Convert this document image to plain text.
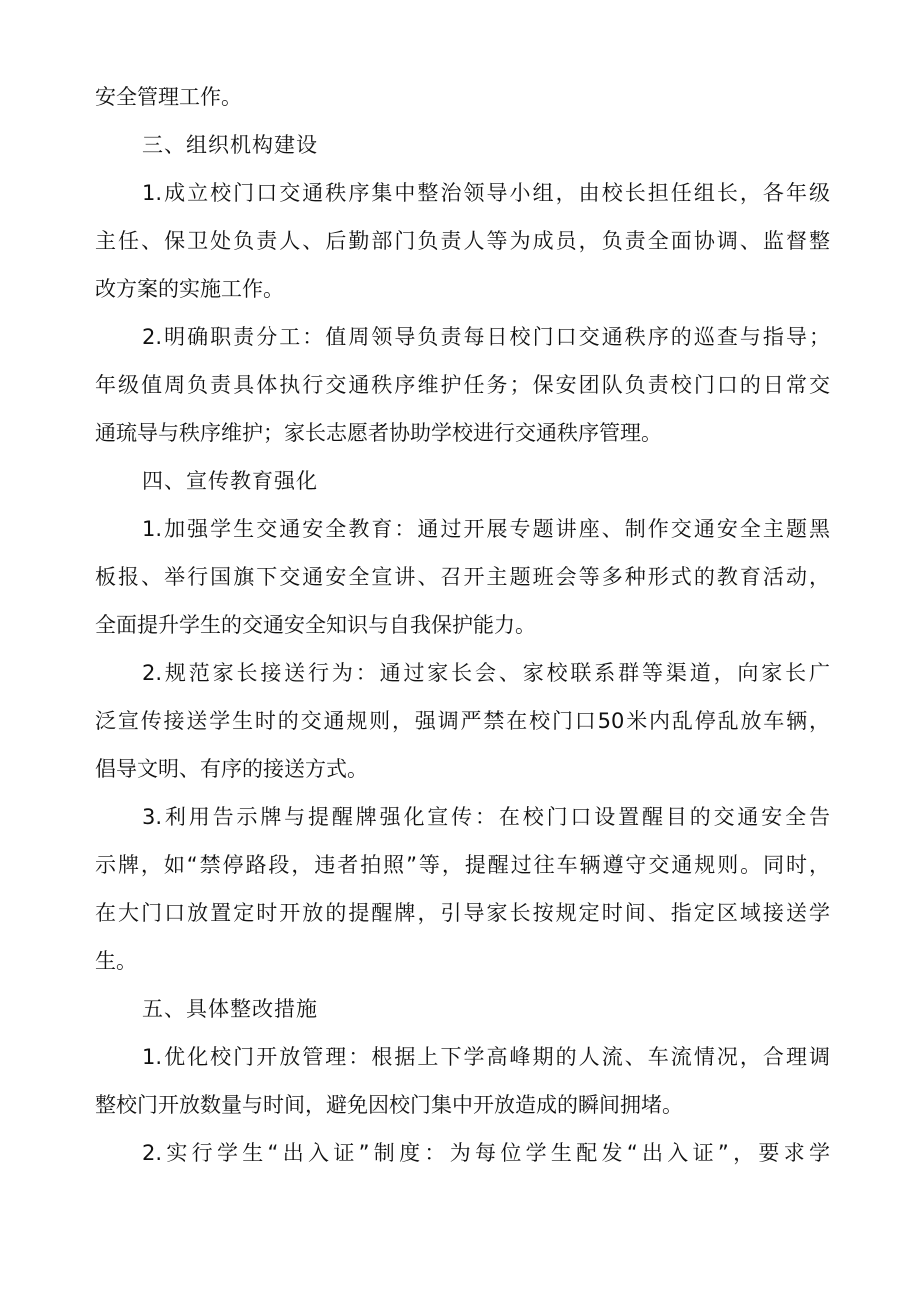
安全管理工作。
三、组织机构建设
1.成立校门口交通秩序集中整治领导小组，由校长担任组长，各年级
主任、保卫处负责人、后勤部门负责人等为成员，负责全面协调、监督整
改方案的实施工作。
2.明确职责分工：值周领导负责每日校门口交通秩序的巡查与指导；
年级值周负责具体执行交通秩序维护任务；保安团队负责校门口的日常交
通琉导与秩序维护；家长志愿者协助学校进行交通秩序管理。
四、宣传教育强化
1.加强学生交通安全教育：通过开展专题讲座、制作交通安全主题黑
板报、举行国旗下交通安全宣讲、召开主题班会等多种形式的教育活动，
全面提升学生的交通安全知识与自我保护能力。
2.规范家长接送行为：通过家长会、家校联系群等渠道，向家长广
泛宣传接送学生时的交通规则，强调严禁在校门口50米内乱停乱放车辆，
倡导文明、有序的接送方式。
3.利用告示牌与提醒牌强化宣传：在校门口设置醒目的交通安全告
示牌，如“禁停路段，违者拍照”等，提醒过往车辆遵守交通规则。同时，
在大门口放置定时开放的提醒牌，引导家长按规定时间、指定区域接送学
生。
五、具体整改措施
1.优化校门开放管理：根据上下学高峰期的人流、车流情况，合理调
整校门开放数量与时间，避免因校门集中开放造成的瞬间拥堵。
2.实行学生“出入证”制度：为每位学生配发“出入证”，要求学
